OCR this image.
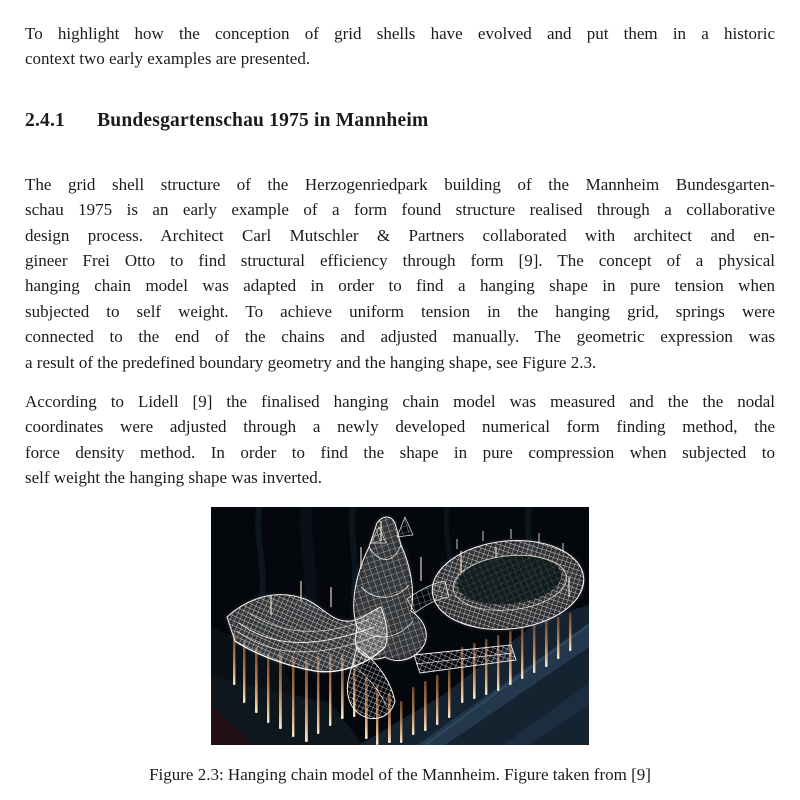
To highlight how the conception of grid shells have evolved and put them in a historic
context two early examples are presented.

2.4.1 Bundesgartenschau 1975 in Mannheim

The grid shell structure of the Herzogenriedpark building of the Mannheim Bundesgarten-
schau 1975 is an early example of a form found structure realised through a collaborative
design process. Architect Carl Mutschler & Partners collaborated with architect and en-
gineer Frei Otto to find structural efficiency through form [9]. The concept of a physical
hanging chain model was adapted in order to find a hanging shape in pure tension when
subjected to self weight. To achieve uniform tension in the hanging grid, springs were
connected to the end of the chains and adjusted manually. The geometric expression was
a result of the predefined boundary geometry and the hanging shape, see Figure 2.3.

According to Lidell [9] the finalised hanging chain model was measured and the the nodal
coordinates were adjusted through a newly developed numerical form finding method, the
force density method. In order to find the shape in pure compression when subjected to
self weight the hanging shape was inverted.

Figure 2.3: Hanging chain model of the Mannheim. Figure taken from [9]
